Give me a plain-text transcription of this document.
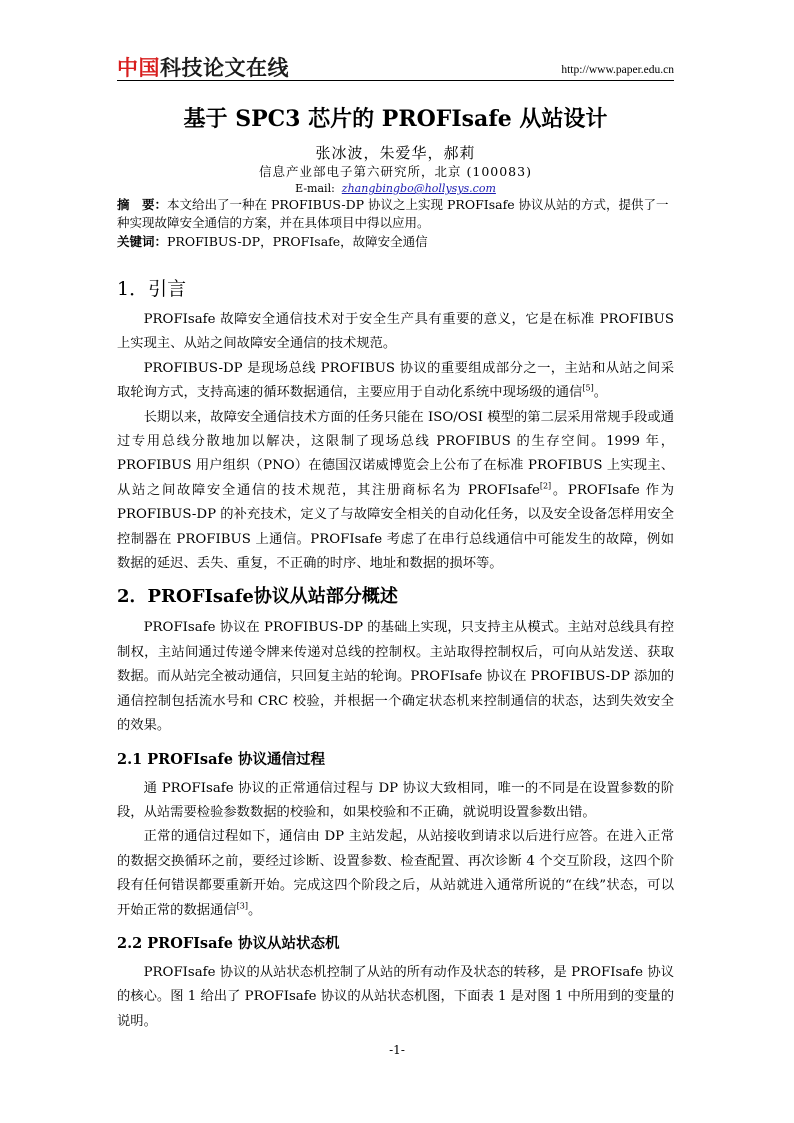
中国科技论文在线	http://www.paper.edu.cn
基于 SPC3 芯片的 PROFIsafe 从站设计
张冰波，朱爱华，郝莉
信息产业部电子第六研究所，北京 (100083)
E-mail: zhangbingbo@hollysys.com
摘　要：本文给出了一种在 PROFIBUS-DP 协议之上实现 PROFIsafe 协议从站的方式，提供了一种实现故障安全通信的方案，并在具体项目中得以应用。
关键词：PROFIBUS-DP，PROFIsafe，故障安全通信
1．引言

PROFIsafe 故障安全通信技术对于安全生产具有重要的意义，它是在标准 PROFIBUS 上实现主、从站之间故障安全通信的技术规范。

PROFIBUS-DP 是现场总线 PROFIBUS 协议的重要组成部分之一，主站和从站之间采取轮询方式，支持高速的循环数据通信，主要应用于自动化系统中现场级的通信[5]。

长期以来，故障安全通信技术方面的任务只能在 ISO/OSI 模型的第二层采用常规手段或通过专用总线分散地加以解决，这限制了现场总线 PROFIBUS 的生存空间。1999 年，PROFIBUS 用户组织（PNO）在德国汉诺威博览会上公布了在标准 PROFIBUS 上实现主、从站之间故障安全通信的技术规范，其注册商标名为 PROFIsafe[2]。PROFIsafe 作为 PROFIBUS-DP 的补充技术，定义了与故障安全相关的自动化任务，以及安全设备怎样用安全控制器在 PROFIBUS 上通信。PROFIsafe 考虑了在串行总线通信中可能发生的故障，例如数据的延迟、丢失、重复，不正确的时序、地址和数据的损坏等。

2．PROFIsafe协议从站部分概述

PROFIsafe 协议在 PROFIBUS-DP 的基础上实现，只支持主从模式。主站对总线具有控制权，主站间通过传递令牌来传递对总线的控制权。主站取得控制权后，可向从站发送、获取数据。而从站完全被动通信，只回复主站的轮询。PROFIsafe 协议在 PROFIBUS-DP 添加的通信控制包括流水号和 CRC 校验，并根据一个确定状态机来控制通信的状态，达到失效安全的效果。

2.1 PROFIsafe 协议通信过程

通 PROFIsafe 协议的正常通信过程与 DP 协议大致相同，唯一的不同是在设置参数的阶段，从站需要检验参数数据的校验和，如果校验和不正确，就说明设置参数出错。

正常的通信过程如下，通信由 DP 主站发起，从站接收到请求以后进行应答。在进入正常的数据交换循环之前，要经过诊断、设置参数、检查配置、再次诊断 4 个交互阶段，这四个阶段有任何错误都要重新开始。完成这四个阶段之后，从站就进入通常所说的“在线”状态，可以开始正常的数据通信[3]。

2.2 PROFIsafe 协议从站状态机

PROFIsafe 协议的从站状态机控制了从站的所有动作及状态的转移，是 PROFIsafe 协议的核心。图 1 给出了 PROFIsafe 协议的从站状态机图，下面表 1 是对图 1 中所用到的变量的说明。

-1-
